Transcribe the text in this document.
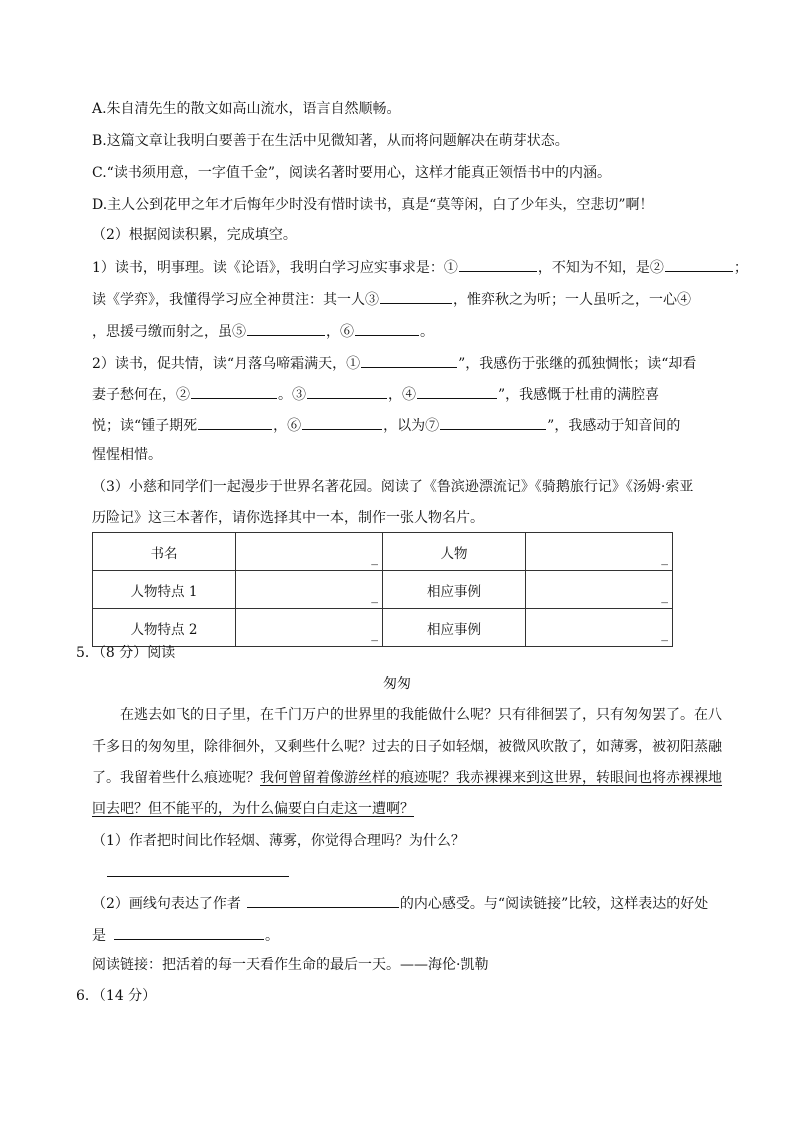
A.朱自清先生的散文如高山流水，语言自然顺畅。
B.这篇文章让我明白要善于在生活中见微知著，从而将问题解决在萌芽状态。
C.“读书须用意，一字值千金”，阅读名著时要用心，这样才能真正领悟书中的内涵。
D.主人公到花甲之年才后悔年少时没有惜时读书，真是“莫等闲，白了少年头，空悲切”啊！
（2）根据阅读积累，完成填空。
1）读书，明事理。读《论语》，我明白学习应实事求是：①	，不知为不知，是②	；
读《学弈》，我懂得学习应全神贯注：其一人③	，惟弈秋之为听；一人虽听之，一心④
，思援弓缴而射之，虽⑤	，⑥	。
2）读书，促共情，读“月落乌啼霜满天，①	”，我感伤于张继的孤独惆怅；读“却看
妻子愁何在，②	。③	，④	”，我感慨于杜甫的满腔喜
悦；读“锺子期死	，⑥	，以为⑦	”，我感动于知音间的
惺惺相惜。
（3）小慈和同学们一起漫步于世界名著花园。阅读了《鲁滨逊漂流记》《骑鹅旅行记》《汤姆·索亚
历险记》这三本著作，请你选择其中一本，制作一张人物名片。
书名	_	人物	_
人物特点 1	_	相应事例	_
人物特点 2	_	相应事例	_
5．（8 分）阅读
匆匆
在逃去如飞的日子里，在千门万户的世界里的我能做什么呢？只有徘徊罢了，只有匆匆罢了。在八
千多日的匆匆里，除徘徊外，又剩些什么呢？过去的日子如轻烟，被微风吹散了，如薄雾，被初阳蒸融
了。我留着些什么痕迹呢？我何曾留着像游丝样的痕迹呢？我赤裸裸来到这世界，转眼间也将赤裸裸地
回去吧？但不能平的，为什么偏要白白走这一遭啊？
（1）作者把时间比作轻烟、薄雾，你觉得合理吗？为什么？
（2）画线句表达了作者	的内心感受。与“阅读链接”比较，这样表达的好处
是	。
阅读链接：把活着的每一天看作生命的最后一天。——海伦·凯勒
6．（14 分）
